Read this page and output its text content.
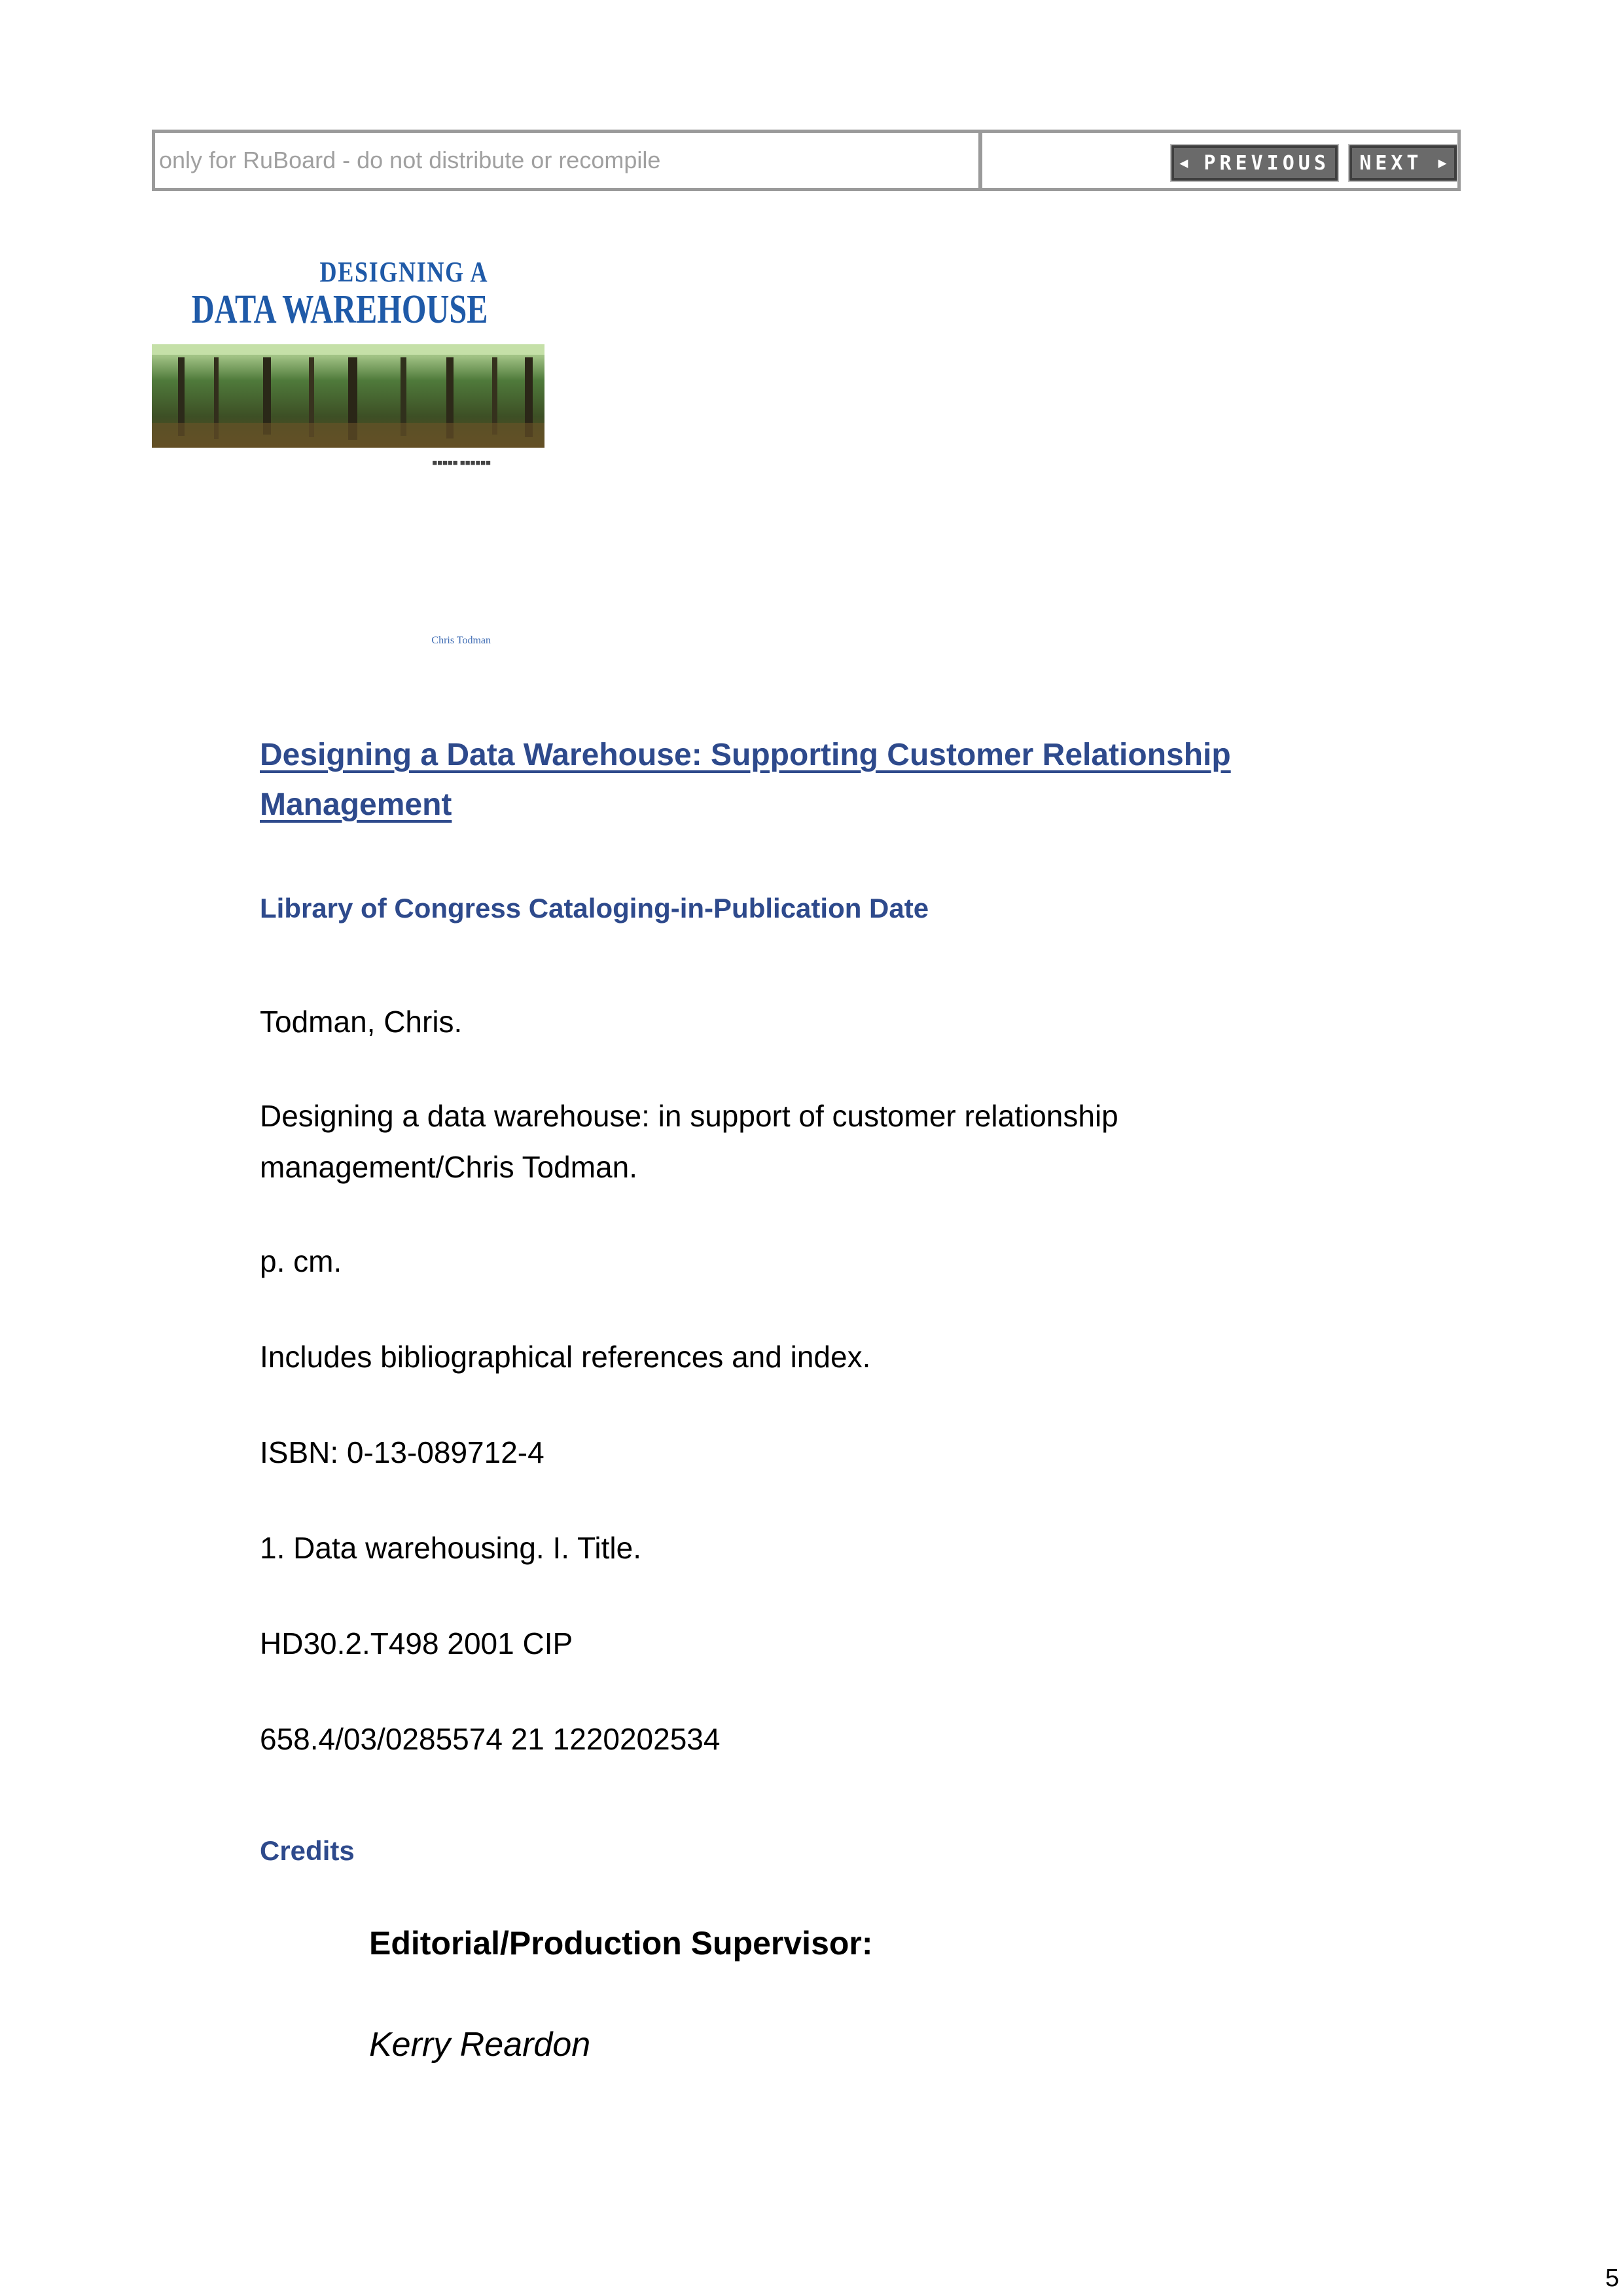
only for RuBoard - do not distribute or recompile	◀
PREVIOUS NEXT
▶
DESIGNING A
DATA WAREHOUSE

■■■■■ ■■■■■■

Chris Todman
Designing a Data Warehouse: Supporting Customer Relationship Management
Library of Congress Cataloging-in-Publication Date
Todman, Chris.
Designing a data warehouse: in support of customer relationship management/Chris Todman.
p. cm.
Includes bibliographical references and index.
ISBN: 0-13-089712-4
1. Data warehousing. I. Title.
HD30.2.T498 2001 CIP
658.4/03/0285574 21 1220202534
Credits
Editorial/Production Supervisor:
Kerry Reardon
5
